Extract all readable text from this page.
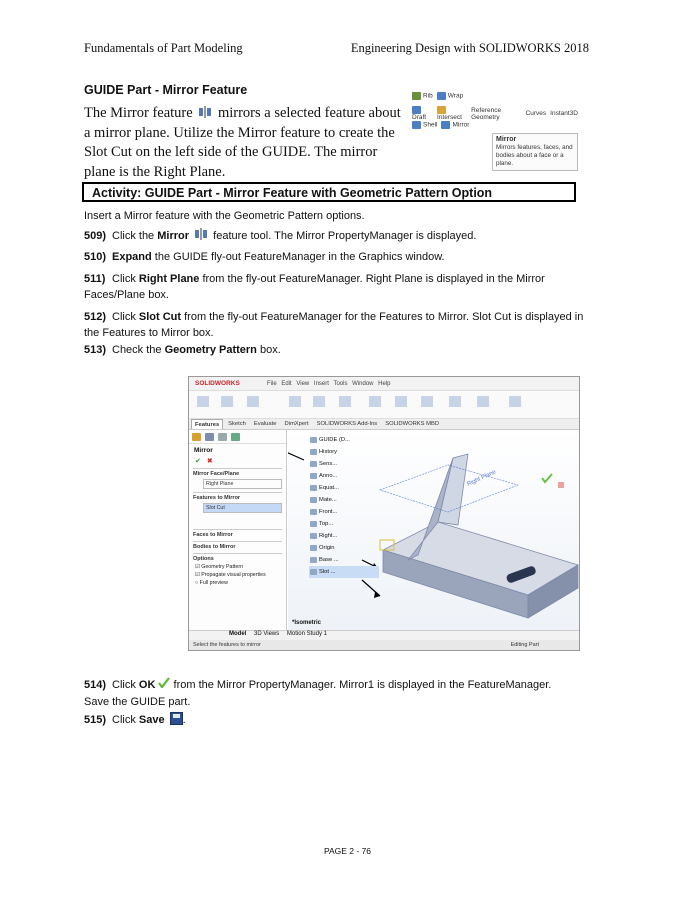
Fundamentals of Part Modeling	Engineering Design with SOLIDWORKS 2018
GUIDE Part - Mirror Feature
The Mirror feature mirrors a selected feature about a mirror plane. Utilize the Mirror feature to create the Slot Cut on the left side of the GUIDE. The mirror plane is the Right Plane.
Rib	Wrap
Draft	Intersect
Reference Geometry	Curves Instant3D
Shell	Mirror
Mirror
Mirrors features, faces, and bodies about a face or a plane.
Activity: GUIDE Part - Mirror Feature with Geometric Pattern Option
Insert a Mirror feature with the Geometric Pattern options.
509) Click the Mirror  feature tool. The Mirror PropertyManager is displayed.
510) Expand the GUIDE fly-out FeatureManager in the Graphics window.
511) Click Right Plane from the fly-out FeatureManager. Right Plane is displayed in the Mirror Faces/Plane box.
512) Click Slot Cut from the fly-out FeatureManager for the Features to Mirror. Slot Cut is displayed in the Features to Mirror box.
513) Check the Geometry Pattern box.
SOLIDWORKS	File Edit View Insert Tools Window Help
Features	Sketch	Evaluate	DimXpert	SOLIDWORKS Add-Ins	SOLIDWORKS MBD
Right Plane
Mirror
✔ ✖
Mirror Face/Plane
Right Plane
Features to Mirror
Slot Cut
Faces to Mirror
Bodies to Mirror
Options
☑ Geometry Pattern
☑ Propagate visual properties
○ Full preview
GUIDE (D...
History
Sens...
Anno...
Equat...
Mate...
Front...
Top...
Right...
Origin
Base ...
Slot ...
*Isometric
Model 3D Views Motion Study 1
Select the features to mirror	Editing Part
514) Click OK  from the Mirror PropertyManager. Mirror1 is displayed in the FeatureManager.
Save the GUIDE part.
515) Click Save .
PAGE 2 - 76
